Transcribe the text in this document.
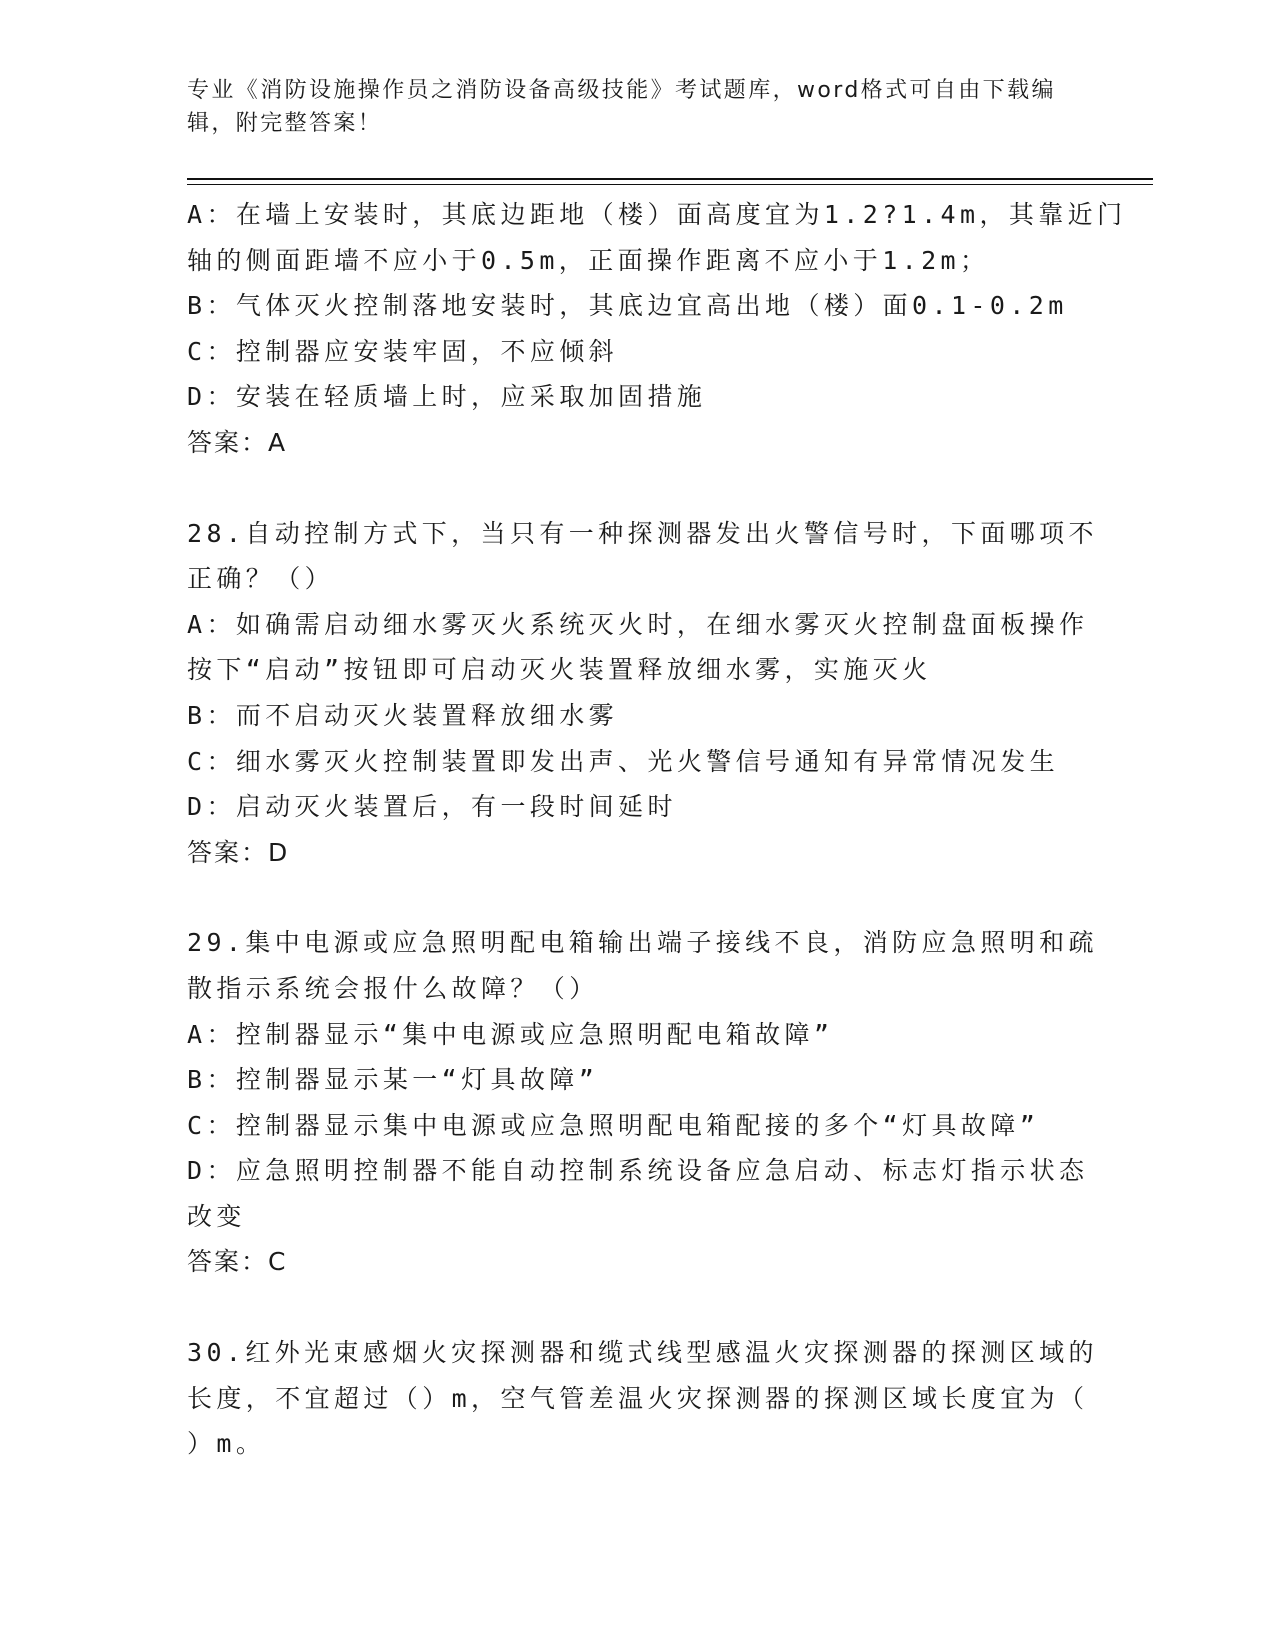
专业《消防设施操作员之消防设备高级技能》考试题库，word格式可自由下载编
辑，附完整答案！
A：在墙上安装时，其底边距地（楼）面高度宜为1.2?1.4m，其靠近门
轴的侧面距墙不应小于0.5m，正面操作距离不应小于1.2m；
B：气体灭火控制落地安装时，其底边宜高出地（楼）面0.1-0.2m
C：控制器应安装牢固，不应倾斜
D：安装在轻质墙上时，应采取加固措施
答案：A
28.自动控制方式下，当只有一种探测器发出火警信号时，下面哪项不
正确？（）
A：如确需启动细水雾灭火系统灭火时，在细水雾灭火控制盘面板操作
按下“启动”按钮即可启动灭火装置释放细水雾，实施灭火
B：而不启动灭火装置释放细水雾
C：细水雾灭火控制装置即发出声、光火警信号通知有异常情况发生
D：启动灭火装置后，有一段时间延时
答案：D
29.集中电源或应急照明配电箱输出端子接线不良，消防应急照明和疏
散指示系统会报什么故障？（）
A：控制器显示“集中电源或应急照明配电箱故障”
B：控制器显示某一“灯具故障”
C：控制器显示集中电源或应急照明配电箱配接的多个“灯具故障”
D：应急照明控制器不能自动控制系统设备应急启动、标志灯指示状态
改变
答案：C
30.红外光束感烟火灾探测器和缆式线型感温火灾探测器的探测区域的
长度，不宜超过（）m，空气管差温火灾探测器的探测区域长度宜为（
）m。
